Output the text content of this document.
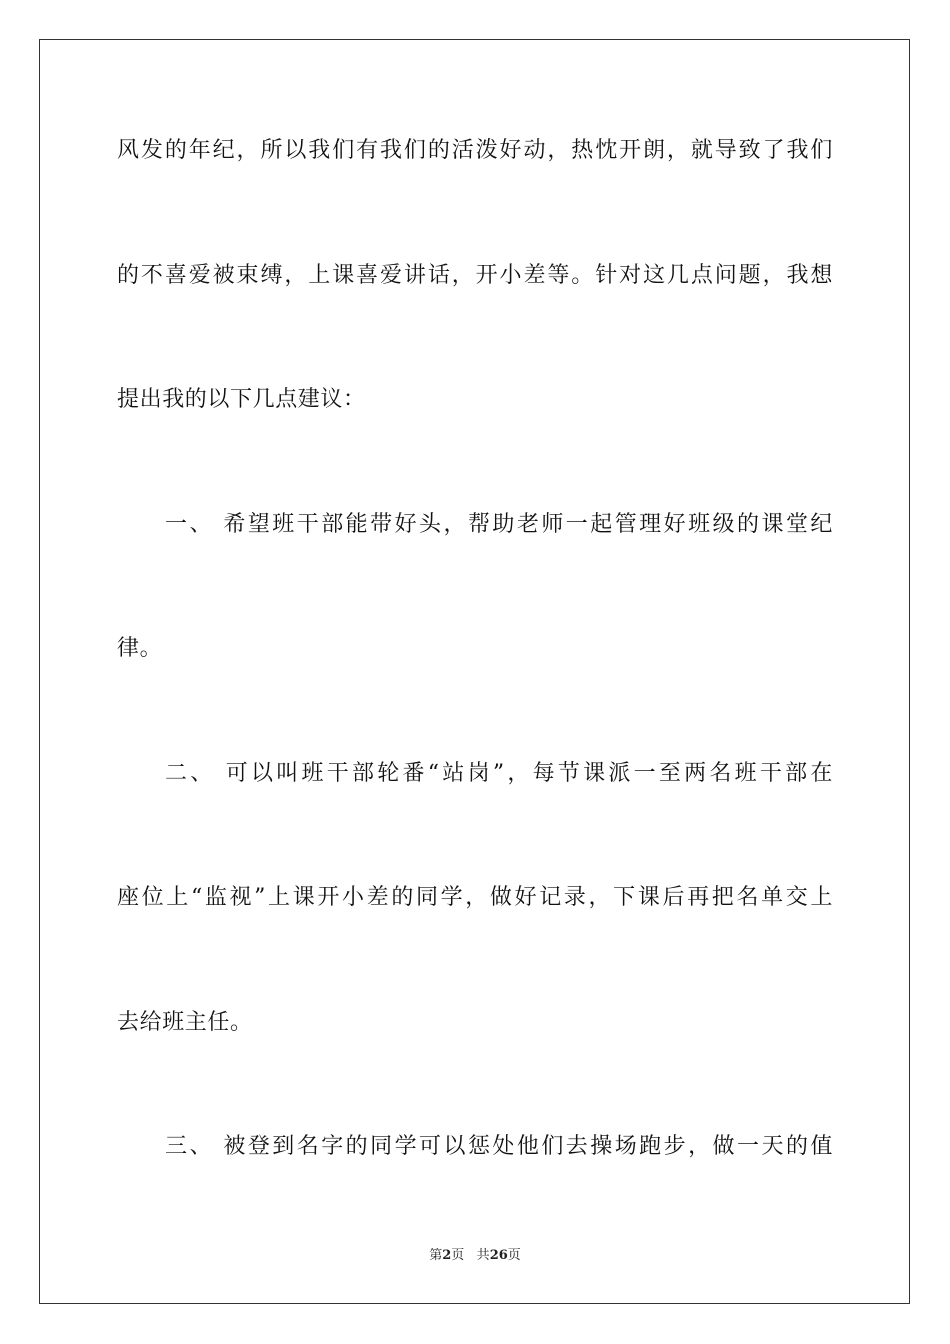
风发的年纪，所以我们有我们的活泼好动，热忱开朗，就导致了我们
的不喜爱被束缚，上课喜爱讲话，开小差等。针对这几点问题，我想
提出我的以下几点建议：
一、 希望班干部能带好头，帮助老师一起管理好班级的课堂纪
律。
二、 可以叫班干部轮番“站岗”，每节课派一至两名班干部在
座位上“监视”上课开小差的同学，做好记录，下课后再把名单交上
去给班主任。
三、 被登到名字的同学可以惩处他们去操场跑步，做一天的值
第2页 共26页
